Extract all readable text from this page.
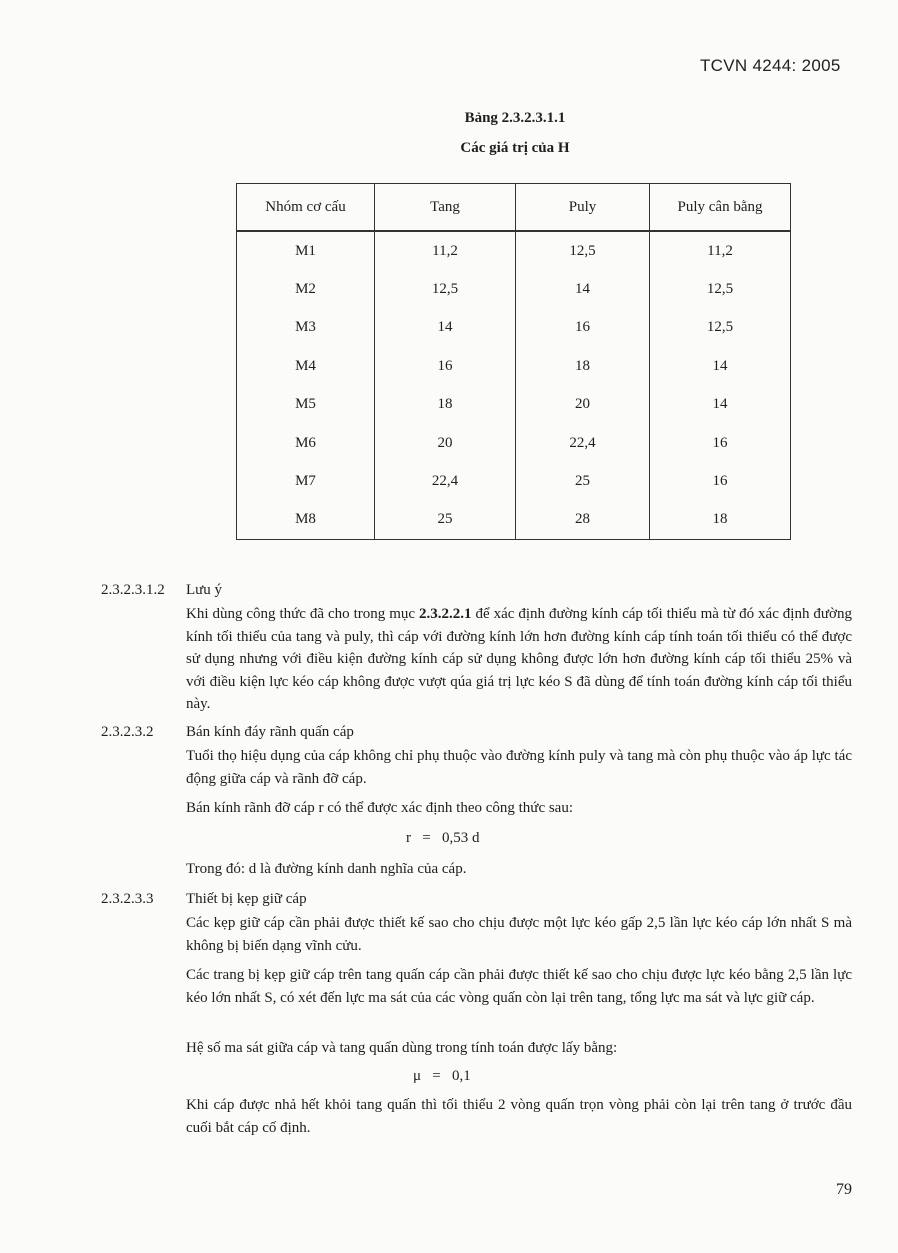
TCVN 4244: 2005
Bảng 2.3.2.3.1.1
Các giá trị của H
Nhóm cơ cấu	Tang	Puly	Puly cân bằng
M1	11,2	12,5	11,2
M2	12,5	14	12,5
M3	14	16	12,5
M4	16	18	14
M5	18	20	14
M6	20	22,4	16
M7	22,4	25	16
M8	25	28	18
2.3.2.3.1.2 Lưu ý

Khi dùng công thức đã cho trong mục 2.3.2.2.1 để xác định đường kính cáp tối thiểu mà từ đó xác định đường kính tối thiểu của tang và puly, thì cáp với đường kính lớn hơn đường kính cáp tính toán tối thiểu có thể được sử dụng nhưng với điều kiện đường kính cáp sử dụng không được lớn hơn đường kính cáp tối thiểu 25% và với điều kiện lực kéo cáp không được vượt qúa giá trị lực kéo S đã dùng để tính toán đường kính cáp tối thiểu này.

2.3.2.3.2 Bán kính đáy rãnh quấn cáp

Tuổi thọ hiệu dụng của cáp không chỉ phụ thuộc vào đường kính puly và tang mà còn phụ thuộc vào áp lực tác động giữa cáp và rãnh đỡ cáp.

Bán kính rãnh đỡ cáp r có thể được xác định theo công thức sau:

r   =   0,53 d

Trong đó: d là đường kính danh nghĩa của cáp.

2.3.2.3.3 Thiết bị kẹp giữ cáp

Các kẹp giữ cáp cần phải được thiết kế sao cho chịu được một lực kéo gấp 2,5 lần lực kéo cáp lớn nhất S mà không bị biến dạng vĩnh cửu.

Các trang bị kẹp giữ cáp trên tang quấn cáp cần phải được thiết kế sao cho chịu được lực kéo bằng 2,5 lần lực kéo lớn nhất S, có xét đến lực ma sát của các vòng quấn còn lại trên tang, tổng lực ma sát và lực giữ cáp.

Hệ số ma sát giữa cáp và tang quấn dùng trong tính toán được lấy bằng:

μ   =   0,1

Khi cáp được nhả hết khỏi tang quấn thì tối thiểu 2 vòng quấn trọn vòng phải còn lại trên tang ở trước đầu cuối bắt cáp cố định.

79
